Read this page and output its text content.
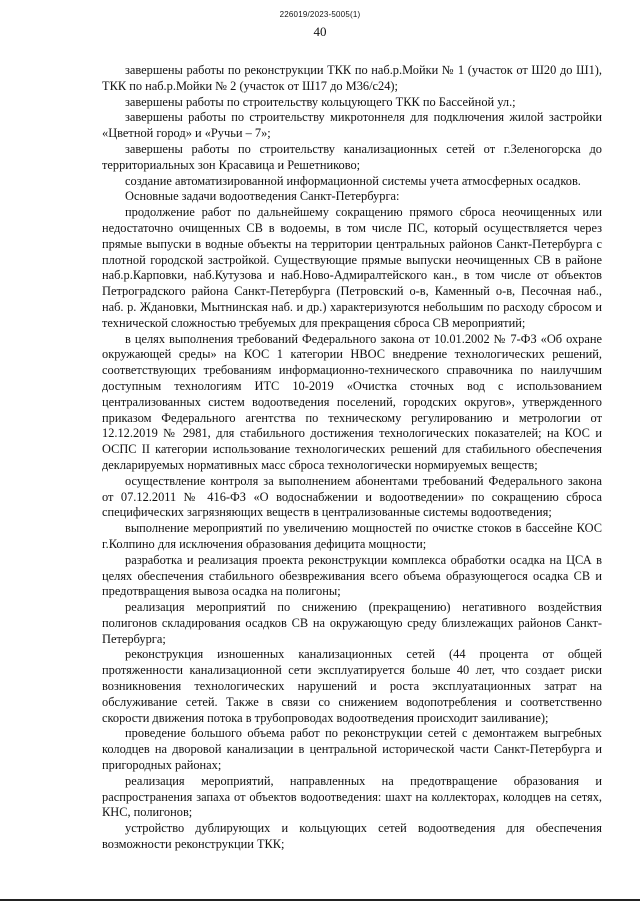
226019/2023-5005(1)
40

завершены работы по реконструкции ТКК по наб.р.Мойки № 1 (участок от Ш20 до Ш1), ТКК по наб.р.Мойки № 2 (участок от Ш17 до М36/с24);

завершены работы по строительству кольцующего ТКК по Бассейной ул.;

завершены работы по строительству микротоннеля для подключения жилой застройки «Цветной город» и «Ручьи – 7»;

завершены работы по строительству канализационных сетей от г.Зеленогорска до территориальных зон Красавица и Решетниково;

создание автоматизированной информационной системы учета атмосферных осадков.

Основные задачи водоотведения Санкт-Петербурга:

продолжение работ по дальнейшему сокращению прямого сброса неочищенных или недостаточно очищенных СВ в водоемы, в том числе ПС, который осуществляется через прямые выпуски в водные объекты на территории центральных районов Санкт-Петербурга с плотной городской застройкой. Существующие прямые выпуски неочищенных СВ в районе наб.р.Карповки, наб.Кутузова и наб.Ново-Адмиралтейского кан., в том числе от объектов Петроградского района Санкт-Петербурга (Петровский о-в, Каменный о-в, Песочная наб., наб. р. Ждановки, Мытнинская наб. и др.) характеризуются небольшим по расходу сбросом и технической сложностью требуемых для прекращения сброса СВ мероприятий;

в целях выполнения требований Федерального закона от 10.01.2002 № 7-ФЗ «Об охране окружающей среды» на КОС 1 категории НВОС внедрение технологических решений, соответствующих требованиям информационно-технического справочника по наилучшим доступным технологиям ИТС 10-2019 «Очистка сточных вод с использованием централизованных систем водоотведения поселений, городских округов», утвержденного приказом Федерального агентства по техническому регулированию и метрологии от 12.12.2019 № 2981, для стабильного достижения технологических показателей; на КОС и ОСПС II категории использование технологических решений для стабильного обеспечения декларируемых нормативных масс сброса технологически нормируемых веществ;

осуществление контроля за выполнением абонентами требований Федерального закона от 07.12.2011 № 416-ФЗ «О водоснабжении и водоотведении» по сокращению сброса специфических загрязняющих веществ в централизованные системы водоотведения;

выполнение мероприятий по увеличению мощностей по очистке стоков в бассейне КОС г.Колпино для исключения образования дефицита мощности;

разработка и реализация проекта реконструкции комплекса обработки осадка на ЦСА в целях обеспечения стабильного обезвреживания всего объема образующегося осадка СВ и предотвращения вывоза осадка на полигоны;

реализация мероприятий по снижению (прекращению) негативного воздействия полигонов складирования осадков СВ на окружающую среду близлежащих районов Санкт-Петербурга;

реконструкция изношенных канализационных сетей (44 процента от общей протяженности канализационной сети эксплуатируется больше 40 лет, что создает риски возникновения технологических нарушений и роста эксплуатационных затрат на обслуживание сетей. Также в связи со снижением водопотребления и соответственно скорости движения потока в трубопроводах водоотведения происходит заиливание);

проведение большого объема работ по реконструкции сетей с демонтажем выгребных колодцев на дворовой канализации в центральной исторической части Санкт-Петербурга и пригородных районах;

реализация мероприятий, направленных на предотвращение образования и распространения запаха от объектов водоотведения: шахт на коллекторах, колодцев на сетях, КНС, полигонов;

устройство дублирующих и кольцующих сетей водоотведения для обеспечения возможности реконструкции ТКК;
